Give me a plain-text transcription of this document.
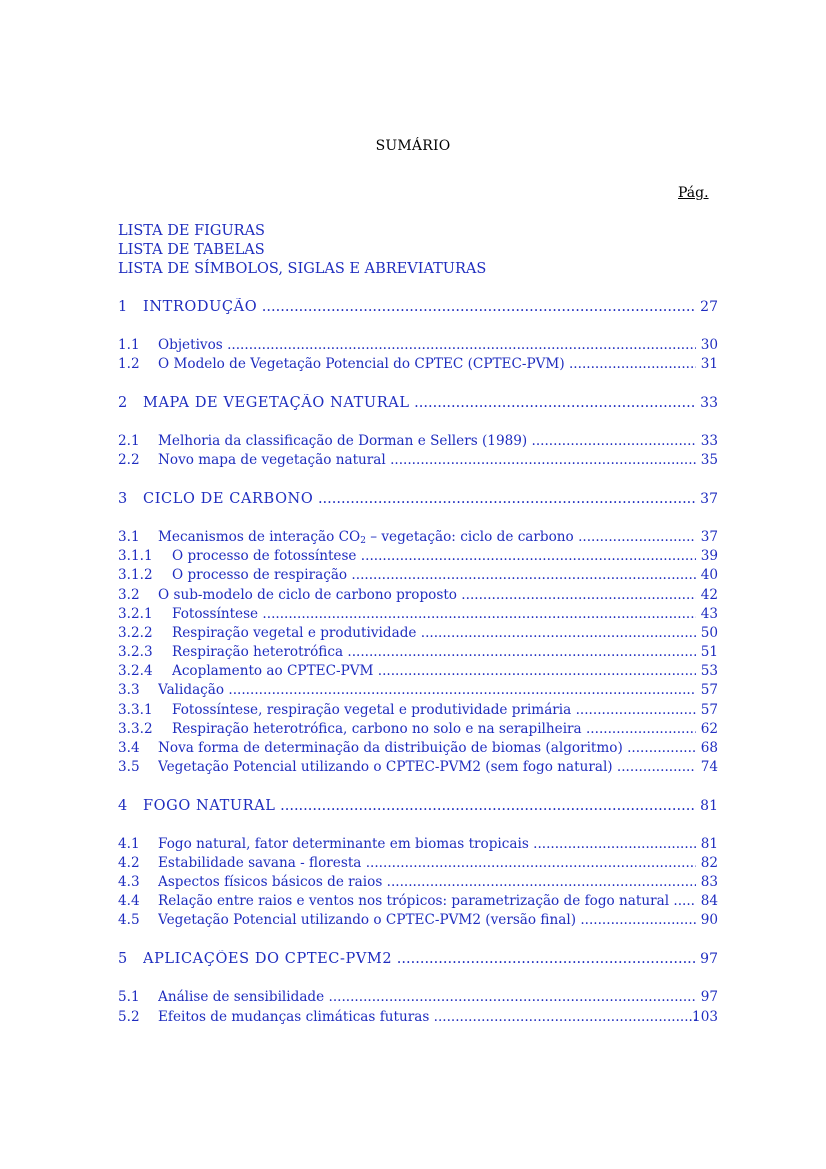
SUMÁRIO
Pág.
LISTA DE FIGURAS
LISTA DE TABELAS
LISTA DE SÍMBOLOS, SIGLAS E ABREVIATURAS
1 INTRODUÇÃO .....	27
1.1 Objetivos .....	30
1.2 O Modelo de Vegetação Potencial do CPTEC (CPTEC-PVM) .....	31
2 MAPA DE VEGETAÇÃO NATURAL .....	33
2.1 Melhoria da classificação de Dorman e Sellers (1989) .....	33
2.2 Novo mapa de vegetação natural .....	35
3 CICLO DE CARBONO .....	37
3.1 Mecanismos de interação $CO_2$ – vegetação: ciclo de carbono .....	37
3.1.1 O processo de fotossíntese .....	39
3.1.2 O processo de respiração .....	40
3.2 O sub-modelo de ciclo de carbono proposto .....	42
3.2.1 Fotossíntese .....	43
3.2.2 Respiração vegetal e produtividade .....	50
3.2.3 Respiração heterotrófica .....	51
3.2.4 Acoplamento ao CPTEC-PVM .....	53
3.3 Validação .....	57
3.3.1 Fotossíntese, respiração vegetal e produtividade primária .....	57
3.3.2 Respiração heterotrófica, carbono no solo e na serapilheira .....	62
3.4 Nova forma de determinação da distribuição de biomas (algoritmo) .....	68
3.5 Vegetação Potencial utilizando o CPTEC-PVM2 (sem fogo natural) .....	74
4 FOGO NATURAL .....	81
4.1 Fogo natural, fator determinante em biomas tropicais .....	81
4.2 Estabilidade savana - floresta .....	82
4.3 Aspectos físicos básicos de raios .....	83
4.4 Relação entre raios e ventos nos trópicos: parametrização de fogo natural .....	84
4.5 Vegetação Potencial utilizando o CPTEC-PVM2 (versão final) .....	90
5 APLICAÇÕES DO CPTEC-PVM2 .....	97
5.1 Análise de sensibilidade .....	97
5.2 Efeitos de mudanças climáticas futuras .....	103
